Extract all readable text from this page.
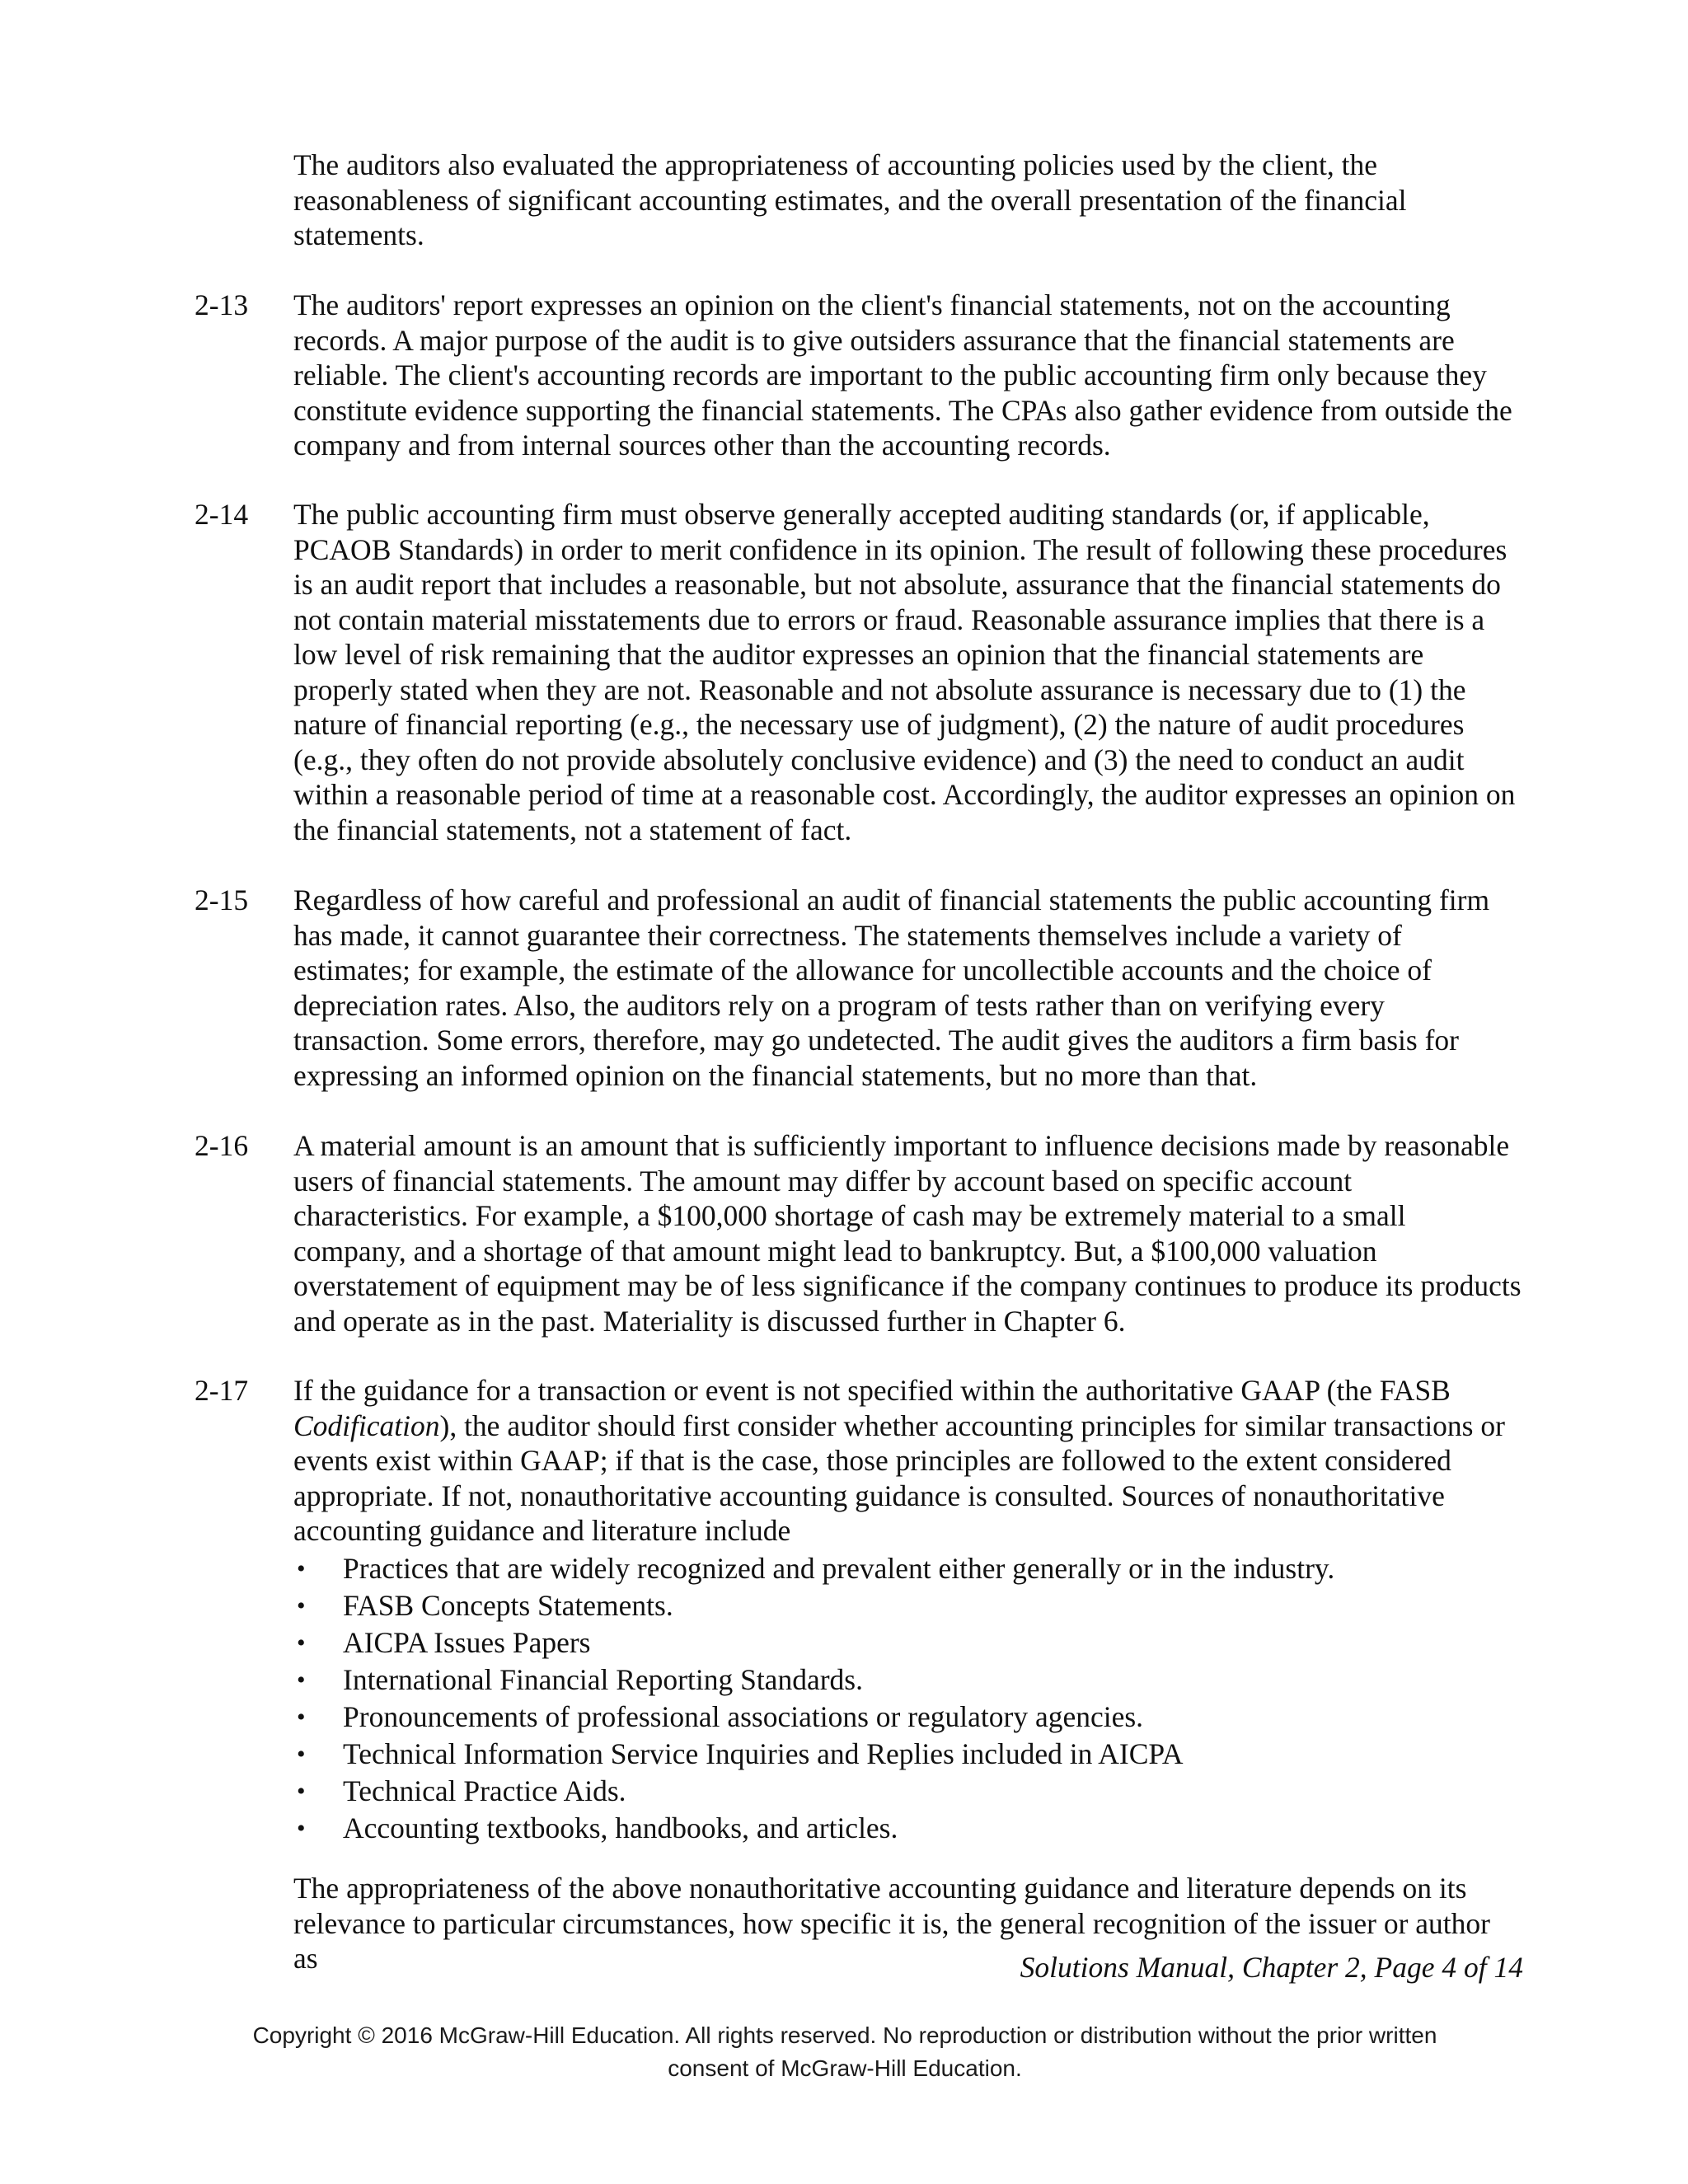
The auditors also evaluated the appropriateness of accounting policies used by the client, the reasonableness of significant accounting estimates, and the overall presentation of the financial statements.

2-13	The auditors' report expresses an opinion on the client's financial statements, not on the accounting records. A major purpose of the audit is to give outsiders assurance that the financial statements are reliable. The client's accounting records are important to the public accounting firm only because they constitute evidence supporting the financial statements. The CPAs also gather evidence from outside the company and from internal sources other than the accounting records.

2-14	The public accounting firm must observe generally accepted auditing standards (or, if applicable, PCAOB Standards) in order to merit confidence in its opinion. The result of following these procedures is an audit report that includes a reasonable, but not absolute, assurance that the financial statements do not contain material misstatements due to errors or fraud. Reasonable assurance implies that there is a low level of risk remaining that the auditor expresses an opinion that the financial statements are properly stated when they are not. Reasonable and not absolute assurance is necessary due to (1) the nature of financial reporting (e.g., the necessary use of judgment), (2) the nature of audit procedures (e.g., they often do not provide absolutely conclusive evidence) and (3) the need to conduct an audit within a reasonable period of time at a reasonable cost. Accordingly, the auditor expresses an opinion on the financial statements, not a statement of fact.

2-15	Regardless of how careful and professional an audit of financial statements the public accounting firm has made, it cannot guarantee their correctness. The statements themselves include a variety of estimates; for example, the estimate of the allowance for uncollectible accounts and the choice of depreciation rates. Also, the auditors rely on a program of tests rather than on verifying every transaction. Some errors, therefore, may go undetected. The audit gives the auditors a firm basis for expressing an informed opinion on the financial statements, but no more than that.

2-16	A material amount is an amount that is sufficiently important to influence decisions made by reasonable users of financial statements. The amount may differ by account based on specific account characteristics. For example, a $100,000 shortage of cash may be extremely material to a small company, and a shortage of that amount might lead to bankruptcy. But, a $100,000 valuation overstatement of equipment may be of less significance if the company continues to produce its products and operate as in the past. Materiality is discussed further in Chapter 6.

2-17	If the guidance for a transaction or event is not specified within the authoritative GAAP (the FASB Codification), the auditor should first consider whether accounting principles for similar transactions or events exist within GAAP; if that is the case, those principles are followed to the extent considered appropriate. If not, nonauthoritative accounting guidance is consulted. Sources of nonauthoritative accounting guidance and literature include

• Practices that are widely recognized and prevalent either generally or in the industry.
• FASB Concepts Statements.
• AICPA Issues Papers
• International Financial Reporting Standards.
• Pronouncements of professional associations or regulatory agencies.
• Technical Information Service Inquiries and Replies included in AICPA
• Technical Practice Aids.
• Accounting textbooks, handbooks, and articles.

The appropriateness of the above nonauthoritative accounting guidance and literature depends on its relevance to particular circumstances, how specific it is, the general recognition of the issuer or author as	Solutions Manual, Chapter 2, Page 4 of 14
Copyright © 2016 McGraw-Hill Education. All rights reserved. No reproduction or distribution without the prior written
consent of McGraw-Hill Education.
